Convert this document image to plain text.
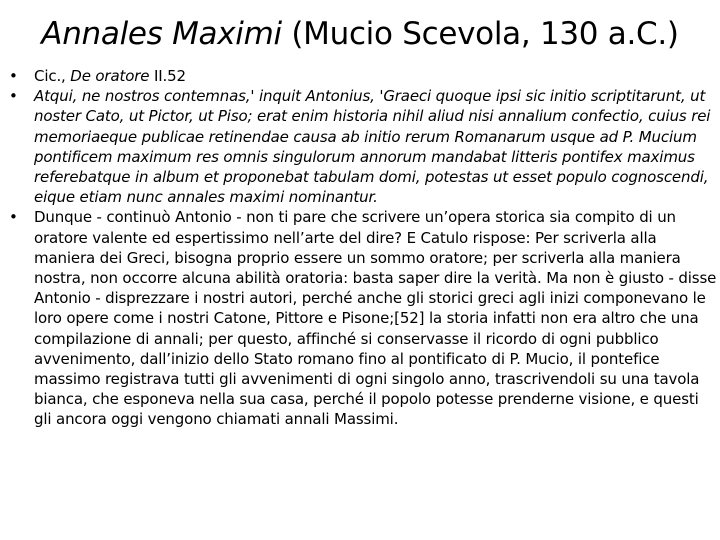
Annales Maximi (Mucio Scevola, 130 a.C.)
• Cic., De oratore II.52
• Atqui, ne nostros contemnas,' inquit Antonius, 'Graeci quoque ipsi sic initio scriptitarunt, ut noster Cato, ut Pictor, ut Piso; erat enim historia nihil aliud nisi annalium confectio, cuius rei memoriaeque publicae retinendae causa ab initio rerum Romanarum usque ad P. Mucium pontificem maximum res omnis singulorum annorum mandabat litteris pontifex maximus referebatque in album et proponebat tabulam domi, potestas ut esset populo cognoscendi, eique etiam nunc annales maximi nominantur.
• Dunque - continuò Antonio - non ti pare che scrivere un’opera storica sia compito di un oratore valente ed espertissimo nell’arte del dire? E Catulo rispose: Per scriverla alla maniera dei Greci, bisogna proprio essere un sommo oratore; per scriverla alla maniera nostra, non occorre alcuna abilità oratoria: basta saper dire la verità. Ma non è giusto - disse Antonio - disprezzare i nostri autori, perché anche gli storici greci agli inizi componevano le loro opere come i nostri Catone, Pittore e Pisone;[52] la storia infatti non era altro che una compilazione di annali; per questo, affinché si conservasse il ricordo di ogni pubblico avvenimento, dall’inizio dello Stato romano fino al pontificato di P. Mucio, il pontefice massimo registrava tutti gli avvenimenti di ogni singolo anno, trascrivendoli su una tavola bianca, che esponeva nella sua casa, perché il popolo potesse prenderne visione, e questi gli ancora oggi vengono chiamati annali Massimi.
